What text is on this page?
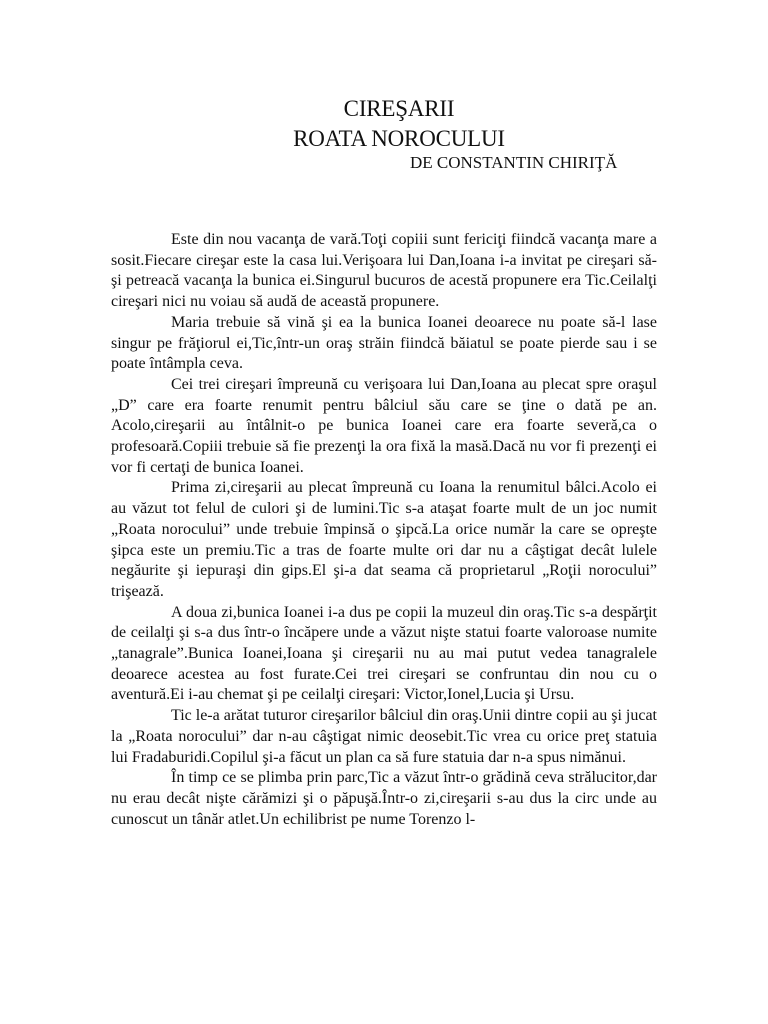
CIREŞARII
ROATA NOROCULUI
DE CONSTANTIN CHIRIŢĂ

Este din nou vacanţa de vară.Toţi copiii sunt fericiţi fiindcă vacanţa mare a sosit.Fiecare cireşar este la casa lui.Verişoara lui Dan,Ioana i-a invitat pe cireşari să-şi petreacă vacanţa la bunica ei.Singurul bucuros de acestă propunere era Tic.Ceilalţi cireşari nici nu voiau să audă de această propunere.

Maria trebuie să vină şi ea la bunica Ioanei deoarece nu poate să-l lase singur pe frăţiorul ei,Tic,într-un oraş străin fiindcă băiatul se poate pierde sau i se poate întâmpla ceva.

Cei trei cireşari împreună cu verişoara lui Dan,Ioana au plecat spre oraşul „D” care era foarte renumit pentru bâlciul său care se ţine o dată pe an. Acolo,cireşarii au întâlnit-o pe bunica Ioanei care era foarte severă,ca o profesoară.Copiii trebuie să fie prezenţi la ora fixă la masă.Dacă nu vor fi prezenţi ei vor fi certaţi de bunica Ioanei.

Prima zi,cireşarii au plecat împreună cu Ioana la renumitul bâlci.Acolo ei au văzut tot felul de culori şi de lumini.Tic s-a ataşat foarte mult de un joc numit „Roata norocului” unde trebuie împinsă o şipcă.La orice număr la care se opreşte şipca este un premiu.Tic a tras de foarte multe ori dar nu a câştigat decât lulele negăurite şi iepuraşi din gips.El şi-a dat seama că proprietarul „Roţii norocului” trişează.

A doua zi,bunica Ioanei i-a dus pe copii la muzeul din oraş.Tic s-a despărţit de ceilalţi şi s-a dus într-o încăpere unde a văzut nişte statui foarte valoroase numite „tanagrale”.Bunica Ioanei,Ioana şi cireşarii nu au mai putut vedea tanagralele deoarece acestea au fost furate.Cei trei cireşari se confruntau din nou cu o aventură.Ei i-au chemat şi pe ceilalţi cireşari: Victor,Ionel,Lucia şi Ursu.

Tic le-a arătat tuturor cireşarilor bâlciul din oraş.Unii dintre copii au şi jucat la „Roata norocului” dar n-au câştigat nimic deosebit.Tic vrea cu orice preţ statuia lui Fradaburidi.Copilul şi-a făcut un plan ca să fure statuia dar n-a spus nimănui.

În timp ce se plimba prin parc,Tic a văzut într-o grădină ceva strălucitor,dar nu erau decât nişte cărămizi şi o păpuşă.Într-o zi,cireşarii s-au dus la circ unde au cunoscut un tânăr atlet.Un echilibrist pe nume Torenzo l-
